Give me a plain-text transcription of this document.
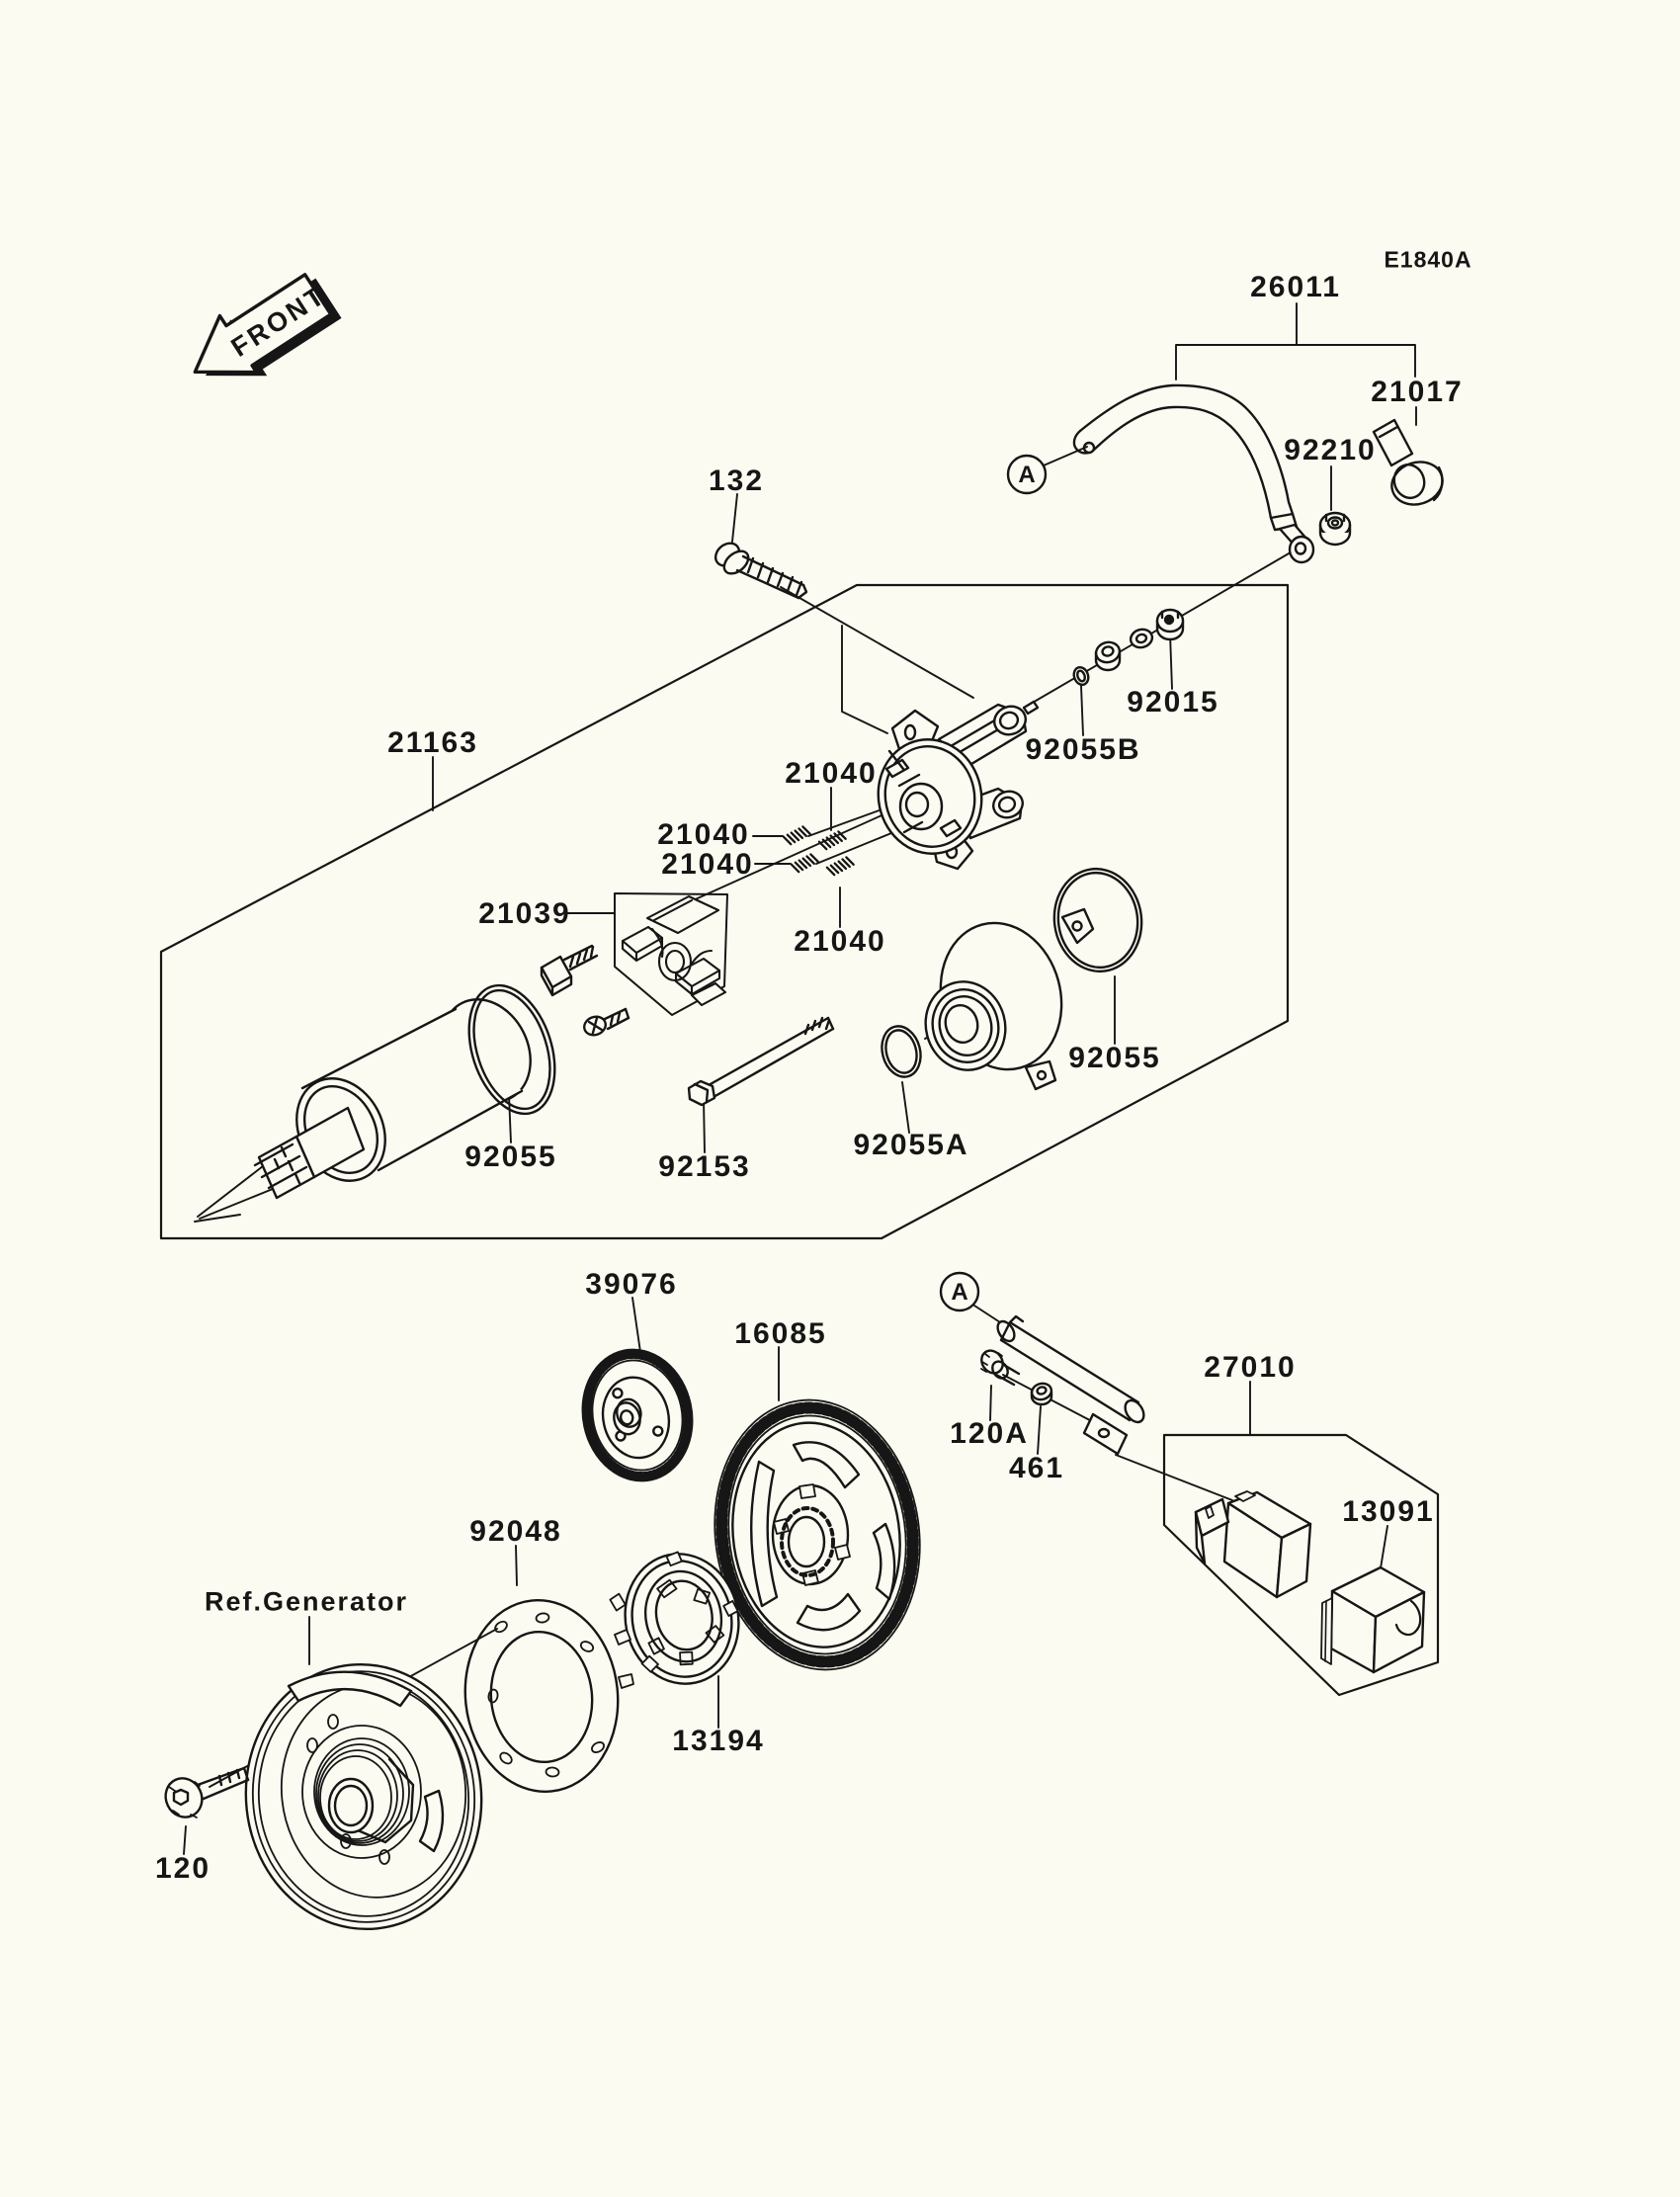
FRONT
E1840A
26011
21017
92210
132
21163
21040
21040
21040
21040
21039
92055	92153
92055A
92055
92055B
92015
39076
16085
27010
120A
461
13091
92048
13194
120
Ref.Generator
A
A
